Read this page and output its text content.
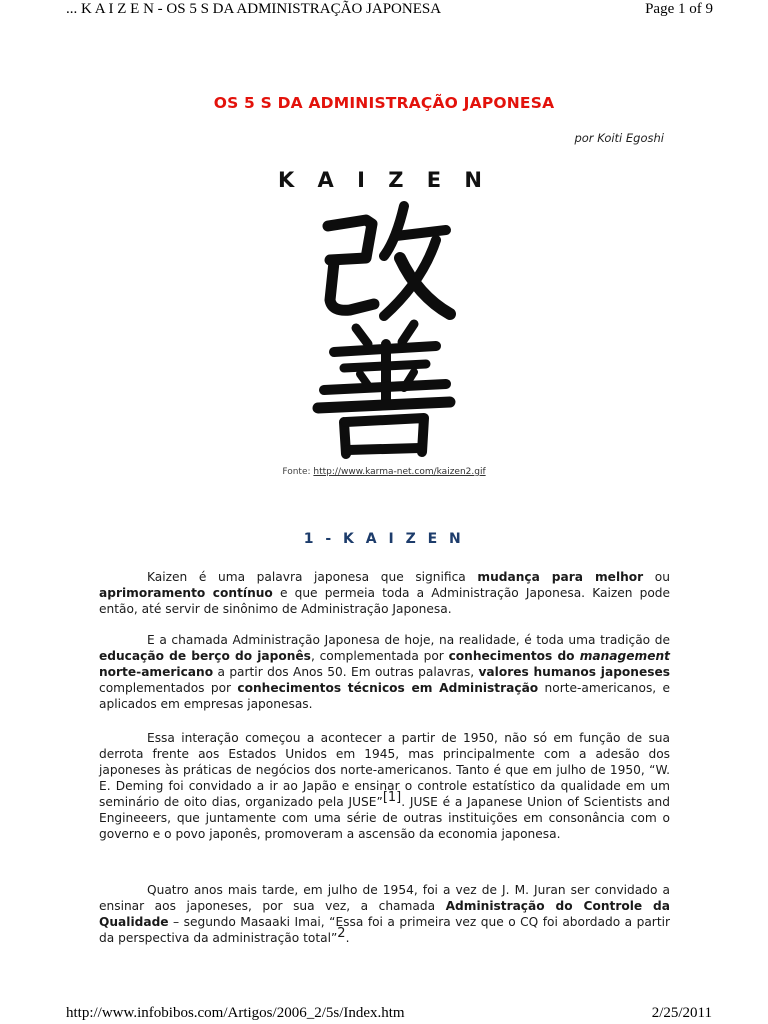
... K A I Z E N - OS 5 S DA ADMINISTRAÇÃO JAPONESA	Page 1 of 9
OS 5 S DA ADMINISTRAÇÃO JAPONESA
por Koiti Egoshi
K A I Z E N
Fonte: http://www.karma-net.com/kaizen2.gif
1 - K A I Z E N

Kaizen é uma palavra japonesa que significa mudança para melhor ou aprimoramento contínuo e que permeia toda a Administração Japonesa. Kaizen pode então, até servir de sinônimo de Administração Japonesa.

E a chamada Administração Japonesa de hoje, na realidade, é toda uma tradição de educação de berço do japonês, complementada por conhecimentos do management norte-americano a partir dos Anos 50. Em outras palavras, valores humanos japoneses complementados por conhecimentos técnicos em Administração norte-americanos, e aplicados em empresas japonesas.

Essa interação começou a acontecer a partir de 1950, não só em função de sua derrota frente aos Estados Unidos em 1945, mas principalmente com a adesão dos japoneses às práticas de negócios dos norte-americanos. Tanto é que em julho de 1950, “W. E. Deming foi convidado a ir ao Japão e ensinar o controle estatístico da qualidade em um seminário de oito dias, organizado pela JUSE”[1]. JUSE é a Japanese Union of Scientists and Engineeers, que juntamente com uma série de outras instituições em consonância com o governo e o povo japonês, promoveram a ascensão da economia japonesa.

Quatro anos mais tarde, em julho de 1954, foi a vez de J. M. Juran ser convidado a ensinar aos japoneses, por sua vez, a chamada Administração do Controle da Qualidade – segundo Masaaki Imai, “Essa foi a primeira vez que o CQ foi abordado a partir da perspectiva da administração total”$^2$.

http://www.infobibos.com/Artigos/2006_2/5s/Index.htm	2/25/2011
